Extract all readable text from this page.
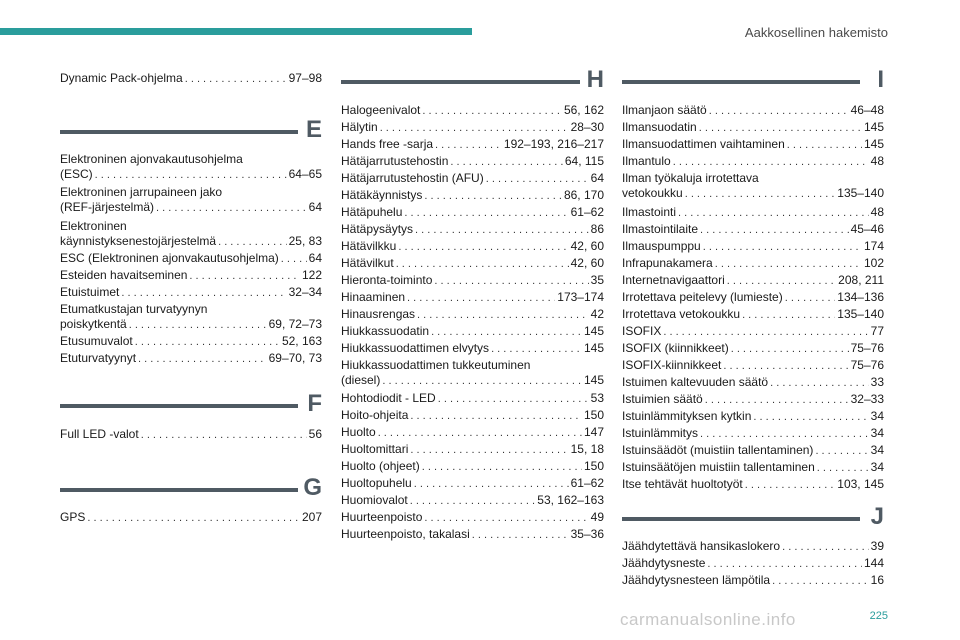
Aakkosellinen hakemisto
Dynamic Pack-ohjelma . . .	97–98
E
Elektroninen ajonvakautusohjelma
(ESC) . . .	64–65
Elektroninen jarrupaineen jako
(REF-järjestelmä) . . .	64
Elektroninen
käynnistyksenestojärjestelmä . . .	25, 83
ESC (Elektroninen ajonvakautusohjelma) . . . 64
Esteiden havaitseminen . . .	122
Etuistuimet . . .	32–34
Etumatkustajan turvatyynyn
poiskytkentä . . .	69, 72–73
Etusumuvalot . . .	52, 163
Etuturvatyynyt . . .	69–70, 73
F
Full LED -valot . . .	56
G
GPS . . .	207
H
Halogeenivalot . . .	56, 162
Hälytin . . .	28–30
Hands free -sarja . . .	192–193, 216–217
Hätäjarrutustehostin . . .	64, 115
Hätäjarrutustehostin (AFU) . . .	64
Hätäkäynnistys . . .	86, 170
Hätäpuhelu . . .	61–62
Hätäpysäytys . . .	86
Hätävilkku . . .	42, 60
Hätävilkut . . .	42, 60
Hieronta-toiminto . . .	35
Hinaaminen . . .	173–174
Hinausrengas . . .	42
Hiukkassuodatin . . .	145
Hiukkassuodattimen elvytys . . .	145
Hiukkassuodattimen tukkeutuminen
(diesel) . . .	145
Hohtodiodit - LED . . .	53
Hoito-ohjeita . . .	150
Huolto . . .	147
Huoltomittari . . .	15, 18
Huolto (ohjeet) . . .	150
Huoltopuhelu . . .	61–62
Huomiovalot . . .	53, 162–163
Huurteenpoisto . . .	49
Huurteenpoisto, takalasi . . .	35–36
I
Ilmanjaon säätö . . .	46–48
Ilmansuodatin . . .	145
Ilmansuodattimen vaihtaminen . . .	145
Ilmantulo . . .	48
Ilman työkaluja irrotettava
vetokoukku . . .	135–140
Ilmastointi . . .	48
Ilmastointilaite . . .	45–46
Ilmauspumppu . . .	174
Infrapunakamera . . .	102
Internetnavigaattori . . .	208, 211
Irrotettava peitelevy (lumieste) . . .	134–136
Irrotettava vetokoukku . . .	135–140
ISOFIX . . .	77
ISOFIX (kiinnikkeet) . . .	75–76
ISOFIX-kiinnikkeet . . .	75–76
Istuimen kaltevuuden säätö . . .	33
Istuimien säätö . . .	32–33
Istuinlämmityksen kytkin . . .	34
Istuinlämmitys . . .	34
Istuinsäädöt (muistiin tallentaminen) . . .	34
Istuinsäätöjen muistiin tallentaminen . . .	34
Itse tehtävät huoltotyöt . . .	103, 145
J
Jäähdytettävä hansikaslokero . . .	39
Jäähdytysneste . . .	144
Jäähdytysnesteen lämpötila . . .	16
carmanualsonline.info	225
